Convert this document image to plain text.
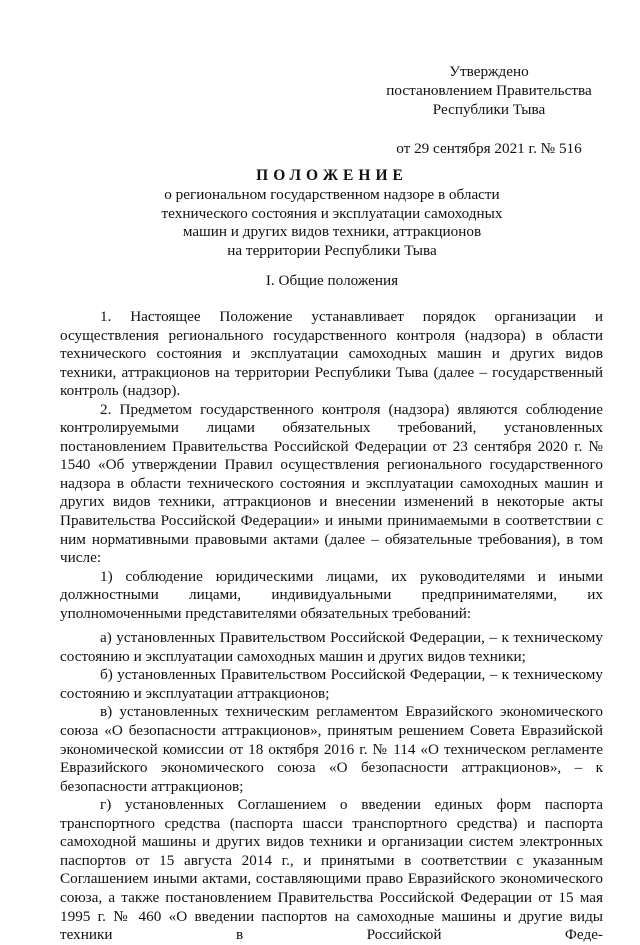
Утверждено
постановлением Правительства
Республики Тыва
от 29 сентября 2021 г. № 516
ПОЛОЖЕНИЕ
о региональном государственном надзоре в области
технического состояния и эксплуатации самоходных
машин и других видов техники, аттракционов
на территории Республики Тыва
I. Общие положения

1. Настоящее Положение устанавливает порядок организации и осуществления регионального государственного контроля (надзора) в области технического состояния и эксплуатации самоходных машин и других видов техники, аттракционов на территории Республики Тыва (далее – государственный контроль (надзор).

2. Предметом государственного контроля (надзора) являются соблюдение контролируемыми лицами обязательных требований, установленных постановлением Правительства Российской Федерации от 23 сентября 2020 г. № 1540 «Об утверждении Правил осуществления регионального государственного надзора в области технического состояния и эксплуатации самоходных машин и других видов техники, аттракционов и внесении изменений в некоторые акты Правительства Российской Федерации» и иными принимаемыми в соответствии с ним нормативными правовыми актами (далее – обязательные требования), в том числе:

1) соблюдение юридическими лицами, их руководителями и иными должностными лицами, индивидуальными предпринимателями, их уполномоченными представителями обязательных требований:

а) установленных Правительством Российской Федерации, – к техническому состоянию и эксплуатации самоходных машин и других видов техники;

б) установленных Правительством Российской Федерации, – к техническому состоянию и эксплуатации аттракционов;

в) установленных техническим регламентом Евразийского экономического союза «О безопасности аттракционов», принятым решением Совета Евразийской экономической комиссии от 18 октября 2016 г. № 114 «О техническом регламенте Евразийского экономического союза «О безопасности аттракционов», – к безопасности аттракционов;

г) установленных Соглашением о введении единых форм паспорта транспортного средства (паспорта шасси транспортного средства) и паспорта самоходной машины и других видов техники и организации систем электронных паспортов от 15 августа 2014 г., и принятыми в соответствии с указанным Соглашением иными актами, составляющими право Евразийского экономического союза, а также постановлением Правительства Российской Федерации от 15 мая 1995 г. № 460 «О введении паспортов на самоходные машины и другие виды техники в Российской Феде-
